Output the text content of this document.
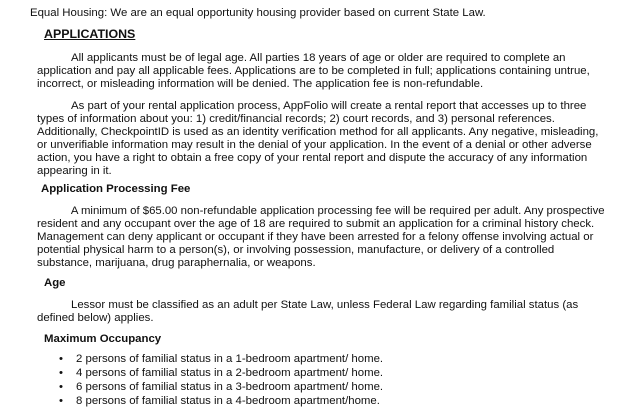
Equal Housing: We are an equal opportunity housing provider based on current State Law.
APPLICATIONS
All applicants must be of legal age. All parties 18 years of age or older are required to complete an
application and pay all applicable fees. Applications are to be completed in full; applications containing untrue,
incorrect, or misleading information will be denied. The application fee is non-refundable.
As part of your rental application process, AppFolio will create a rental report that accesses up to three
types of information about you: 1) credit/financial records; 2) court records, and 3) personal references.
Additionally, CheckpointID is used as an identity verification method for all applicants. Any negative, misleading,
or unverifiable information may result in the denial of your application. In the event of a denial or other adverse
action, you have a right to obtain a free copy of your rental report and dispute the accuracy of any information
appearing in it.
Application Processing Fee
A minimum of $65.00 non-refundable application processing fee will be required per adult. Any prospective
resident and any occupant over the age of 18 are required to submit an application for a criminal history check.
Management can deny applicant or occupant if they have been arrested for a felony offense involving actual or
potential physical harm to a person(s), or involving possession, manufacture, or delivery of a controlled
substance, marijuana, drug paraphernalia, or weapons.
Age
Lessor must be classified as an adult per State Law, unless Federal Law regarding familial status (as
defined below) applies.
Maximum Occupancy
• 2 persons of familial status in a 1-bedroom apartment/ home.
• 4 persons of familial status in a 2-bedroom apartment/ home.
• 6 persons of familial status in a 3-bedroom apartment/ home.
• 8 persons of familial status in a 4-bedroom apartment/home.
